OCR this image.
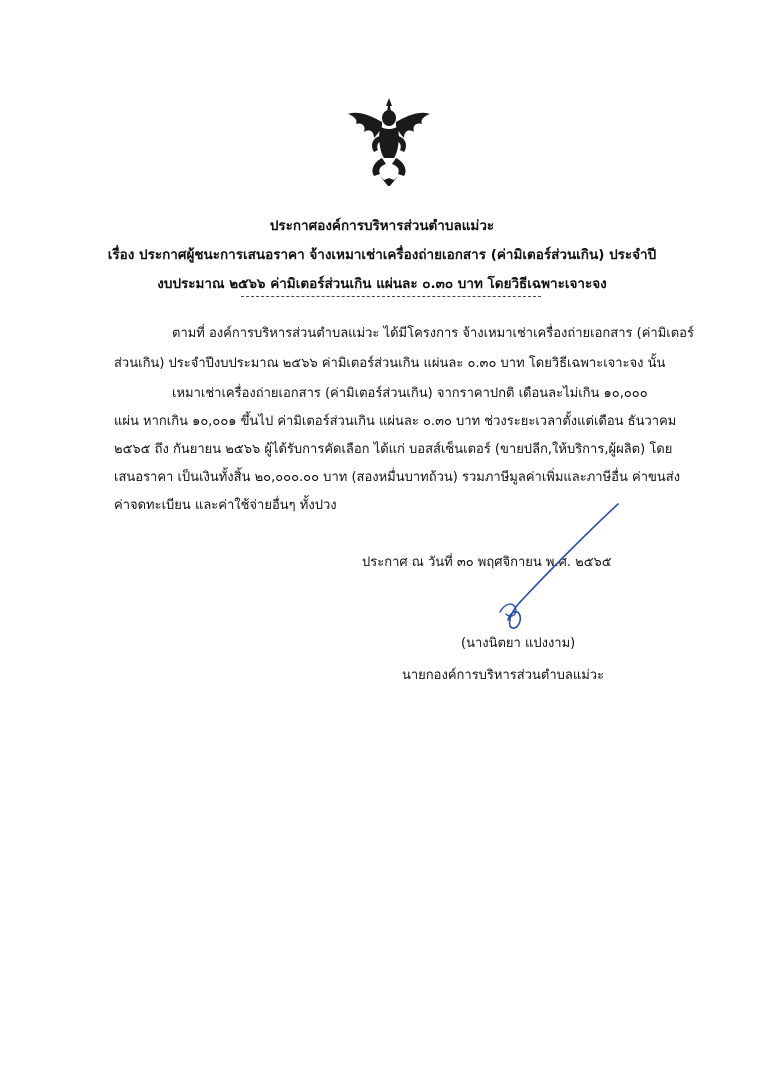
ประกาศองค์การบริหารส่วนตำบลแม่วะ
เรื่อง ประกาศผู้ชนะการเสนอราคา จ้างเหมาเช่าเครื่องถ่ายเอกสาร (ค่ามิเตอร์ส่วนเกิน) ประจำปี
งบประมาณ ๒๕๖๖ ค่ามิเตอร์ส่วนเกิน แผ่นละ ๐.๓๐ บาท โดยวิธีเฉพาะเจาะจง
ตามที่ องค์การบริหารส่วนตำบลแม่วะ ได้มีโครงการ จ้างเหมาเช่าเครื่องถ่ายเอกสาร (ค่ามิเตอร์
ส่วนเกิน) ประจำปีงบประมาณ ๒๕๖๖ ค่ามิเตอร์ส่วนเกิน แผ่นละ ๐.๓๐ บาท โดยวิธีเฉพาะเจาะจง นั้น
เหมาเช่าเครื่องถ่ายเอกสาร (ค่ามิเตอร์ส่วนเกิน) จากราคาปกติ เดือนละไม่เกิน ๑๐,๐๐๐
แผ่น หากเกิน ๑๐,๐๐๑ ขึ้นไป ค่ามิเตอร์ส่วนเกิน แผ่นละ ๐.๓๐ บาท ช่วงระยะเวลาตั้งแต่เดือน ธันวาคม
๒๕๖๕ ถึง กันยายน ๒๕๖๖ ผู้ได้รับการคัดเลือก ได้แก่ บอสส์เซ็นเตอร์ (ขายปลีก,ให้บริการ,ผู้ผลิต) โดย
เสนอราคา เป็นเงินทั้งสิ้น ๒๐,๐๐๐.๐๐ บาท (สองหมื่นบาทถ้วน) รวมภาษีมูลค่าเพิ่มและภาษีอื่น ค่าขนส่ง
ค่าจดทะเบียน และค่าใช้จ่ายอื่นๆ ทั้งปวง
ประกาศ ณ วันที่ ๓๐ พฤศจิกายน พ.ศ. ๒๕๖๕
(นางนิตยา แปงงาม)
นายกองค์การบริหารส่วนตำบลแม่วะ
